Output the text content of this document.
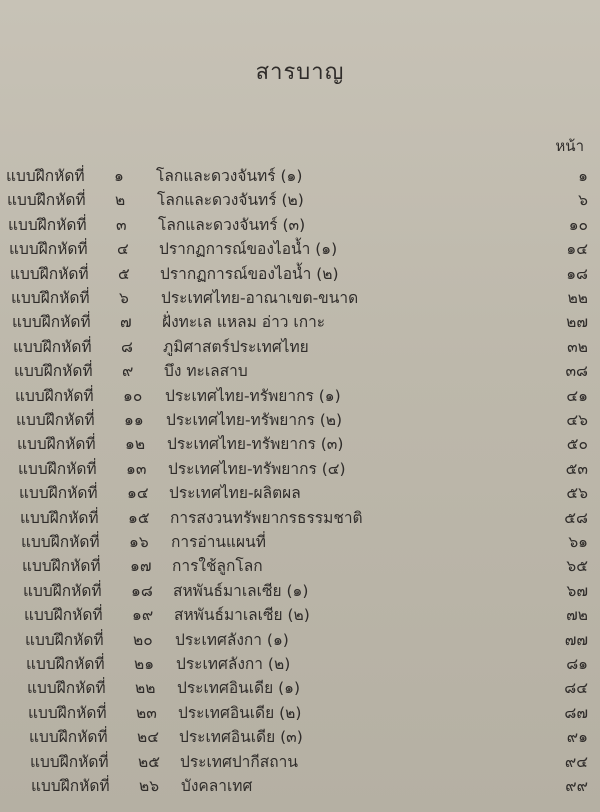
สารบาญ
หน้า
แบบฝึกหัดที่ ๑ โลกและดวงจันทร์ (๑)	๑
แบบฝึกหัดที่ ๒ โลกและดวงจันทร์ (๒)	๖
แบบฝึกหัดที่ ๓ โลกและดวงจันทร์ (๓)	๑๐
แบบฝึกหัดที่ ๔ ปรากฏการณ์ของไอน้ำ (๑)	๑๔
แบบฝึกหัดที่ ๕ ปรากฏการณ์ของไอน้ำ (๒)	๑๘
แบบฝึกหัดที่ ๖ ประเทศไทย-อาณาเขต-ขนาด	๒๒
แบบฝึกหัดที่ ๗ ฝั่งทะเล แหลม อ่าว เกาะ	๒๗
แบบฝึกหัดที่ ๘ ภูมิศาสตร์ประเทศไทย	๓๒
แบบฝึกหัดที่ ๙ บึง ทะเลสาบ	๓๘
แบบฝึกหัดที่ ๑๐ ประเทศไทย-ทรัพยากร (๑)	๔๑
แบบฝึกหัดที่ ๑๑ ประเทศไทย-ทรัพยากร (๒)	๔๖
แบบฝึกหัดที่ ๑๒ ประเทศไทย-ทรัพยากร (๓)	๕๐
แบบฝึกหัดที่ ๑๓ ประเทศไทย-ทรัพยากร (๔)	๕๓
แบบฝึกหัดที่ ๑๔ ประเทศไทย-ผลิตผล	๕๖
แบบฝึกหัดที่ ๑๕ การสงวนทรัพยากรธรรมชาติ	๕๘
แบบฝึกหัดที่ ๑๖ การอ่านแผนที่	๖๑
แบบฝึกหัดที่ ๑๗ การใช้ลูกโลก	๖๕
แบบฝึกหัดที่ ๑๘ สหพันธ์มาเลเซีย (๑)	๖๗
แบบฝึกหัดที่ ๑๙ สหพันธ์มาเลเซีย (๒)	๗๒
แบบฝึกหัดที่ ๒๐ ประเทศลังกา (๑)	๗๗
แบบฝึกหัดที่ ๒๑ ประเทศลังกา (๒)	๘๑
แบบฝึกหัดที่ ๒๒ ประเทศอินเดีย (๑)	๘๔
แบบฝึกหัดที่ ๒๓ ประเทศอินเดีย (๒)	๘๗
แบบฝึกหัดที่ ๒๔ ประเทศอินเดีย (๓)	๙๑
แบบฝึกหัดที่ ๒๕ ประเทศปากีสถาน	๙๔
แบบฝึกหัดที่ ๒๖ บังคลาเทศ	๙๙
